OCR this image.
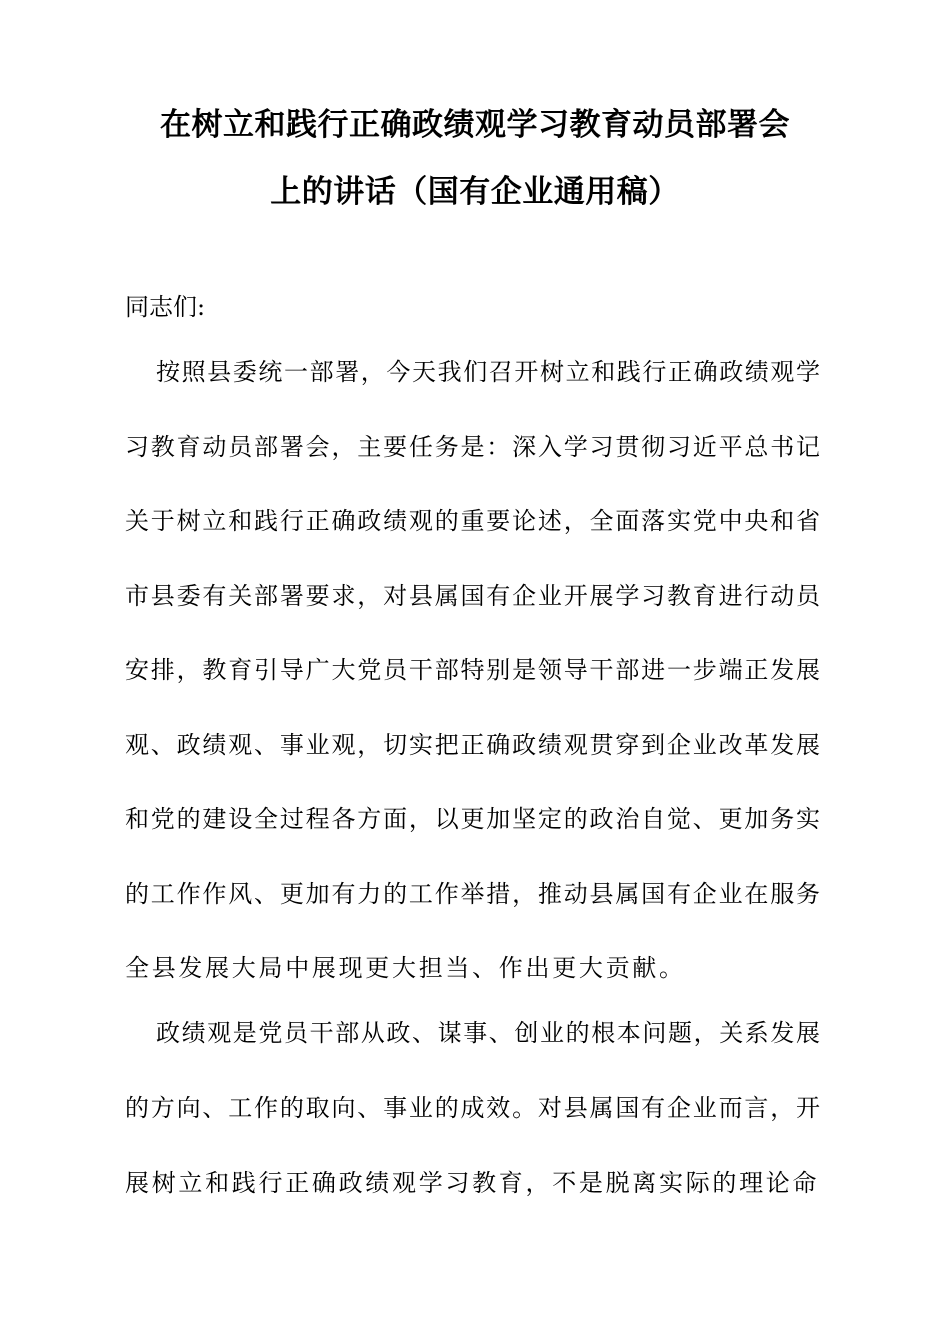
在树立和践行正确政绩观学习教育动员部署会
上的讲话（国有企业通用稿）
同志们:
按照县委统一部署，今天我们召开树立和践行正确政绩观学
习教育动员部署会，主要任务是：深入学习贯彻习近平总书记
关于树立和践行正确政绩观的重要论述，全面落实党中央和省
市县委有关部署要求，对县属国有企业开展学习教育进行动员
安排，教育引导广大党员干部特别是领导干部进一步端正发展
观、政绩观、事业观，切实把正确政绩观贯穿到企业改革发展
和党的建设全过程各方面，以更加坚定的政治自觉、更加务实
的工作作风、更加有力的工作举措，推动县属国有企业在服务
全县发展大局中展现更大担当、作出更大贡献。
政绩观是党员干部从政、谋事、创业的根本问题，关系发展
的方向、工作的取向、事业的成效。对县属国有企业而言，开
展树立和践行正确政绩观学习教育，不是脱离实际的理论命
